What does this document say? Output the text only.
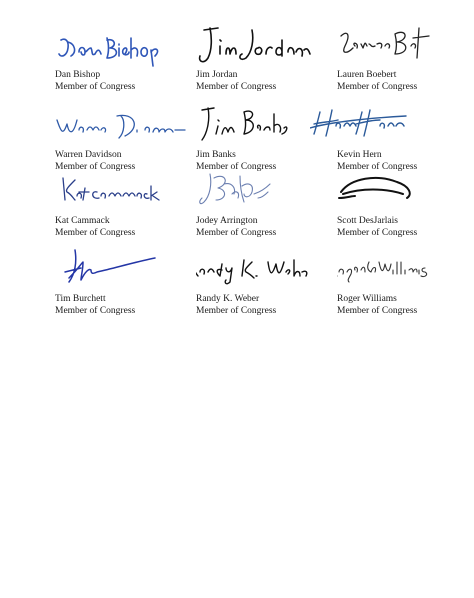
Dan Bishop
Member of Congress
Jim Jordan
Member of Congress
Lauren Boebert
Member of Congress
Warren Davidson
Member of Congress
Jim Banks
Member of Congress
Kevin Hern
Member of Congress
Kat Cammack
Member of Congress
Jodey Arrington
Member of Congress
Scott DesJarlais
Member of Congress
Tim Burchett
Member of Congress
Randy K. Weber
Member of Congress
Roger Williams
Member of Congress
